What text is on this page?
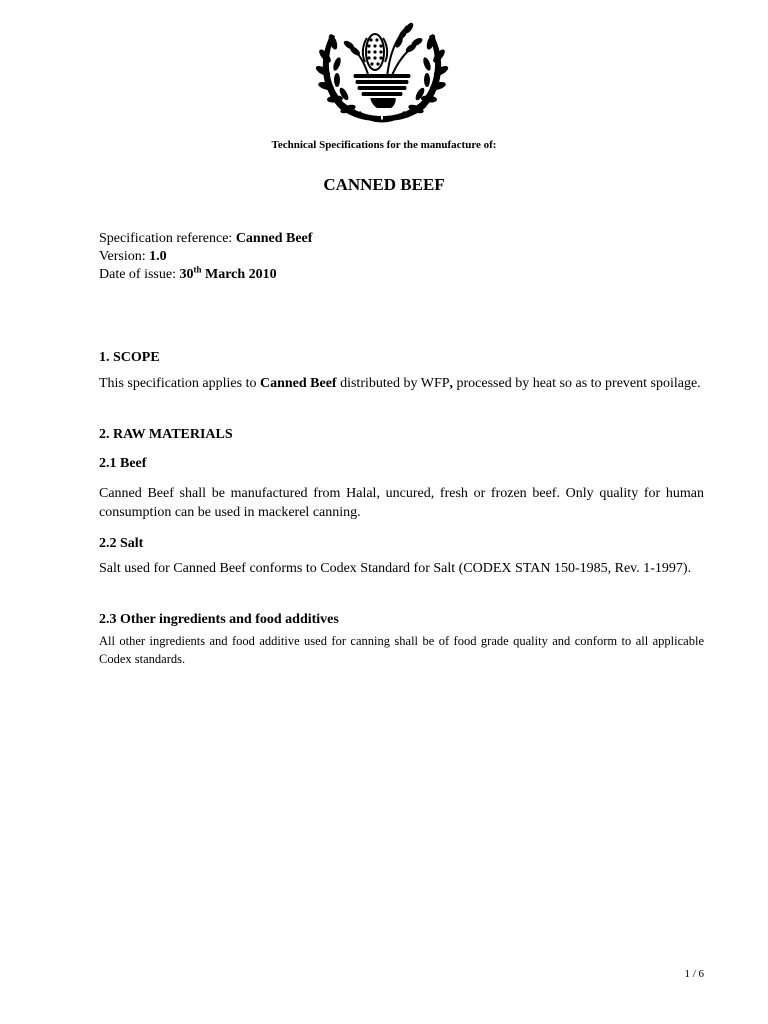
Technical Specifications for the manufacture of:
CANNED BEEF
Specification reference: Canned Beef
Version: 1.0
Date of issue: 30th March 2010
1. SCOPE
This specification applies to Canned Beef distributed by WFP, processed by heat so as to prevent spoilage.
2. RAW MATERIALS
2.1 Beef
Canned Beef shall be manufactured from Halal, uncured, fresh or frozen beef. Only quality for human consumption can be used in mackerel canning.
2.2 Salt
Salt used for Canned Beef conforms to Codex Standard for Salt (CODEX STAN 150-1985, Rev. 1-1997).
2.3 Other ingredients and food additives
All other ingredients and food additive used for canning shall be of food grade quality and conform to all applicable Codex standards.
1 / 6
